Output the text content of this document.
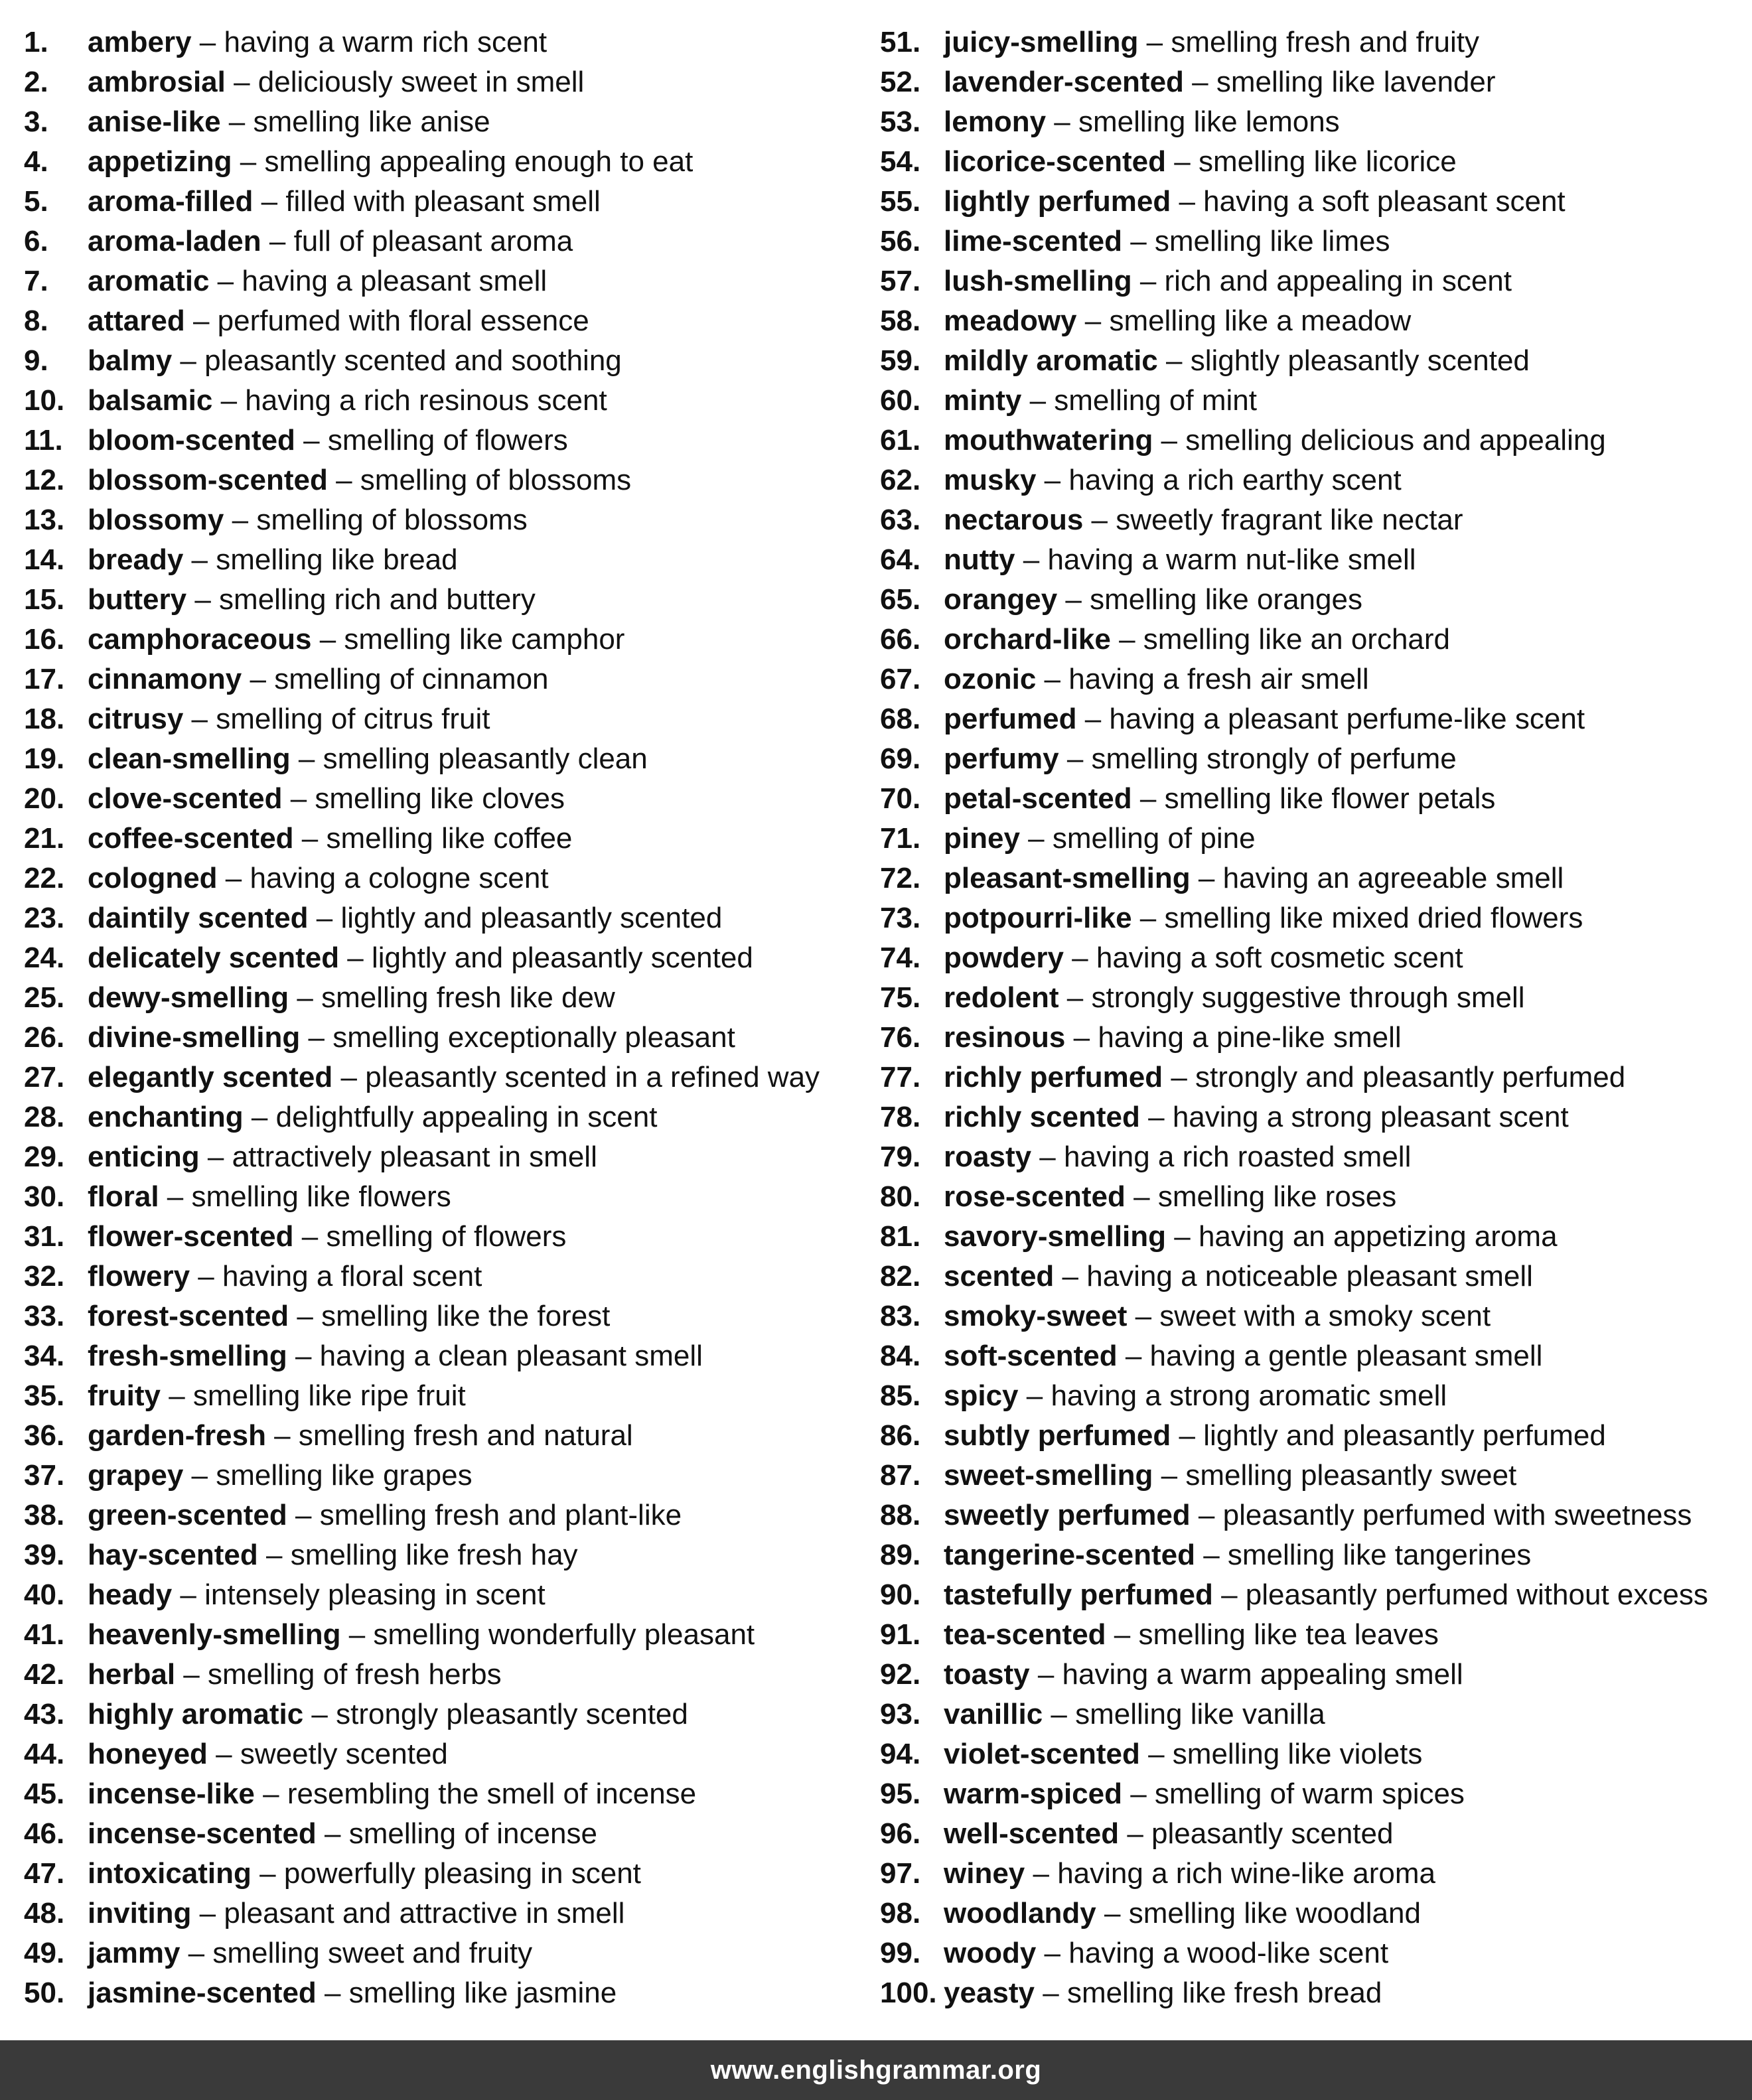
1. ambery – having a warm rich scent
2. ambrosial – deliciously sweet in smell
3. anise-like – smelling like anise
4. appetizing – smelling appealing enough to eat
5. aroma-filled – filled with pleasant smell
6. aroma-laden – full of pleasant aroma
7. aromatic – having a pleasant smell
8. attared – perfumed with floral essence
9. balmy – pleasantly scented and soothing
10. balsamic – having a rich resinous scent
11. bloom-scented – smelling of flowers
12. blossom-scented – smelling of blossoms
13. blossomy – smelling of blossoms
14. bready – smelling like bread
15. buttery – smelling rich and buttery
16. camphoraceous – smelling like camphor
17. cinnamony – smelling of cinnamon
18. citrusy – smelling of citrus fruit
19. clean-smelling – smelling pleasantly clean
20. clove-scented – smelling like cloves
21. coffee-scented – smelling like coffee
22. cologned – having a cologne scent
23. daintily scented – lightly and pleasantly scented
24. delicately scented – lightly and pleasantly scented
25. dewy-smelling – smelling fresh like dew
26. divine-smelling – smelling exceptionally pleasant
27. elegantly scented – pleasantly scented in a refined way
28. enchanting – delightfully appealing in scent
29. enticing – attractively pleasant in smell
30. floral – smelling like flowers
31. flower-scented – smelling of flowers
32. flowery – having a floral scent
33. forest-scented – smelling like the forest
34. fresh-smelling – having a clean pleasant smell
35. fruity – smelling like ripe fruit
36. garden-fresh – smelling fresh and natural
37. grapey – smelling like grapes
38. green-scented – smelling fresh and plant-like
39. hay-scented – smelling like fresh hay
40. heady – intensely pleasing in scent
41. heavenly-smelling – smelling wonderfully pleasant
42. herbal – smelling of fresh herbs
43. highly aromatic – strongly pleasantly scented
44. honeyed – sweetly scented
45. incense-like – resembling the smell of incense
46. incense-scented – smelling of incense
47. intoxicating – powerfully pleasing in scent
48. inviting – pleasant and attractive in smell
49. jammy – smelling sweet and fruity
50. jasmine-scented – smelling like jasmine
51. juicy-smelling – smelling fresh and fruity
52. lavender-scented – smelling like lavender
53. lemony – smelling like lemons
54. licorice-scented – smelling like licorice
55. lightly perfumed – having a soft pleasant scent
56. lime-scented – smelling like limes
57. lush-smelling – rich and appealing in scent
58. meadowy – smelling like a meadow
59. mildly aromatic – slightly pleasantly scented
60. minty – smelling of mint
61. mouthwatering – smelling delicious and appealing
62. musky – having a rich earthy scent
63. nectarous – sweetly fragrant like nectar
64. nutty – having a warm nut-like smell
65. orangey – smelling like oranges
66. orchard-like – smelling like an orchard
67. ozonic – having a fresh air smell
68. perfumed – having a pleasant perfume-like scent
69. perfumy – smelling strongly of perfume
70. petal-scented – smelling like flower petals
71. piney – smelling of pine
72. pleasant-smelling – having an agreeable smell
73. potpourri-like – smelling like mixed dried flowers
74. powdery – having a soft cosmetic scent
75. redolent – strongly suggestive through smell
76. resinous – having a pine-like smell
77. richly perfumed – strongly and pleasantly perfumed
78. richly scented – having a strong pleasant scent
79. roasty – having a rich roasted smell
80. rose-scented – smelling like roses
81. savory-smelling – having an appetizing aroma
82. scented – having a noticeable pleasant smell
83. smoky-sweet – sweet with a smoky scent
84. soft-scented – having a gentle pleasant smell
85. spicy – having a strong aromatic smell
86. subtly perfumed – lightly and pleasantly perfumed
87. sweet-smelling – smelling pleasantly sweet
88. sweetly perfumed – pleasantly perfumed with sweetness
89. tangerine-scented – smelling like tangerines
90. tastefully perfumed – pleasantly perfumed without excess
91. tea-scented – smelling like tea leaves
92. toasty – having a warm appealing smell
93. vanillic – smelling like vanilla
94. violet-scented – smelling like violets
95. warm-spiced – smelling of warm spices
96. well-scented – pleasantly scented
97. winey – having a rich wine-like aroma
98. woodlandy – smelling like woodland
99. woody – having a wood-like scent
100. yeasty – smelling like fresh bread
www.englishgrammar.org
